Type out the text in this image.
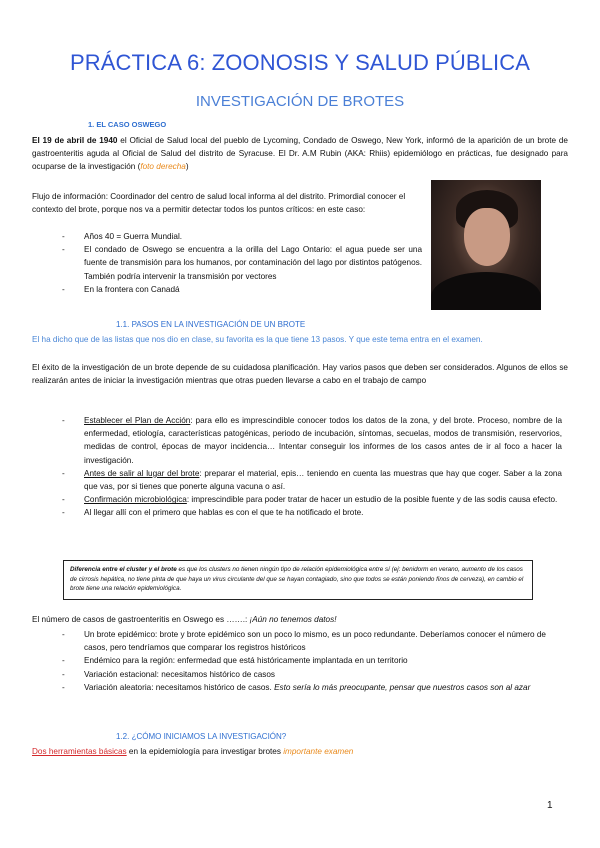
PRÁCTICA 6: ZOONOSIS Y SALUD PÚBLICA
INVESTIGACIÓN DE BROTES
1. EL CASO OSWEGO
El 19 de abril de 1940 el Oficial de Salud local del pueblo de Lycoming, Condado de Oswego, New York, informó de la aparición de un brote de gastroenteritis aguda al Oficial de Salud del distrito de Syracuse. El Dr. A.M Rubin (AKA: Rhiis) epidemiólogo en prácticas, fue designado para ocuparse de la investigación (foto derecha)
Flujo de información: Coordinador del centro de salud local informa al del distrito. Primordial conocer el contexto del brote, porque nos va a permitir detectar todos los puntos críticos: en este caso:
- Años 40 = Guerra Mundial.
- El condado de Oswego se encuentra a la orilla del Lago Ontario: el agua puede ser una fuente de transmisión para los humanos, por contaminación del lago por distintos patógenos. También podría intervenir la transmisión por vectores
- En la frontera con Canadá
1.1. PASOS EN LA INVESTIGACIÓN DE UN BROTE
El ha dicho que de las listas que nos dio en clase, su favorita es la que tiene 13 pasos. Y que este tema entra en el examen.
El éxito de la investigación de un brote depende de su cuidadosa planificación. Hay varios pasos que deben ser considerados. Algunos de ellos se realizarán antes de iniciar la investigación mientras que otras pueden llevarse a cabo en el trabajo de campo
- Establecer el Plan de Acción: para ello es imprescindible conocer todos los datos de la zona, y del brote. Proceso, nombre de la enfermedad, etiología, características patogénicas, periodo de incubación, síntomas, secuelas, modos de transmisión, reservorios, medidas de control, épocas de mayor incidencia… Intentar conseguir los informes de los casos antes de ir al foco a hacer la investigación.
- Antes de salir al lugar del brote: preparar el material, epis… teniendo en cuenta las muestras que hay que coger. Saber a la zona que vas, por si tienes que ponerte alguna vacuna o así.
- Confirmación microbiológica: imprescindible para poder tratar de hacer un estudio de la posible fuente y de las sodis causa efecto.
- Al llegar allí con el primero que hablas es con el que te ha notificado el brote.
Diferencia entre el cluster y el brote es que los clusters no tienen ningún tipo de relación epidemiológica entre sí (ej: benidorm en verano, aumento de los casos de cirrosis hepática, no tiene pinta de que haya un virus circulante del que se hayan contagiado, sino que todos se están poniendo finos de cerveza), en cambio el brote tiene una relación epidemiológica.
El número de casos de gastroenteritis en Oswego es …….: ¡Aún no tenemos datos!
- Un brote epidémico: brote y brote epidémico son un poco lo mismo, es un poco redundante. Deberíamos conocer el número de casos, pero tendríamos que comparar los registros históricos
- Endémico para la región: enfermedad que está históricamente implantada en un territorio
- Variación estacional: necesitamos histórico de casos
- Variación aleatoria: necesitamos histórico de casos. Esto sería lo más preocupante, pensar que nuestros casos son al azar
1.2. ¿CÓMO INICIAMOS LA INVESTIGACIÓN?
Dos herramientas básicas en la epidemiología para investigar brotes importante examen
1
